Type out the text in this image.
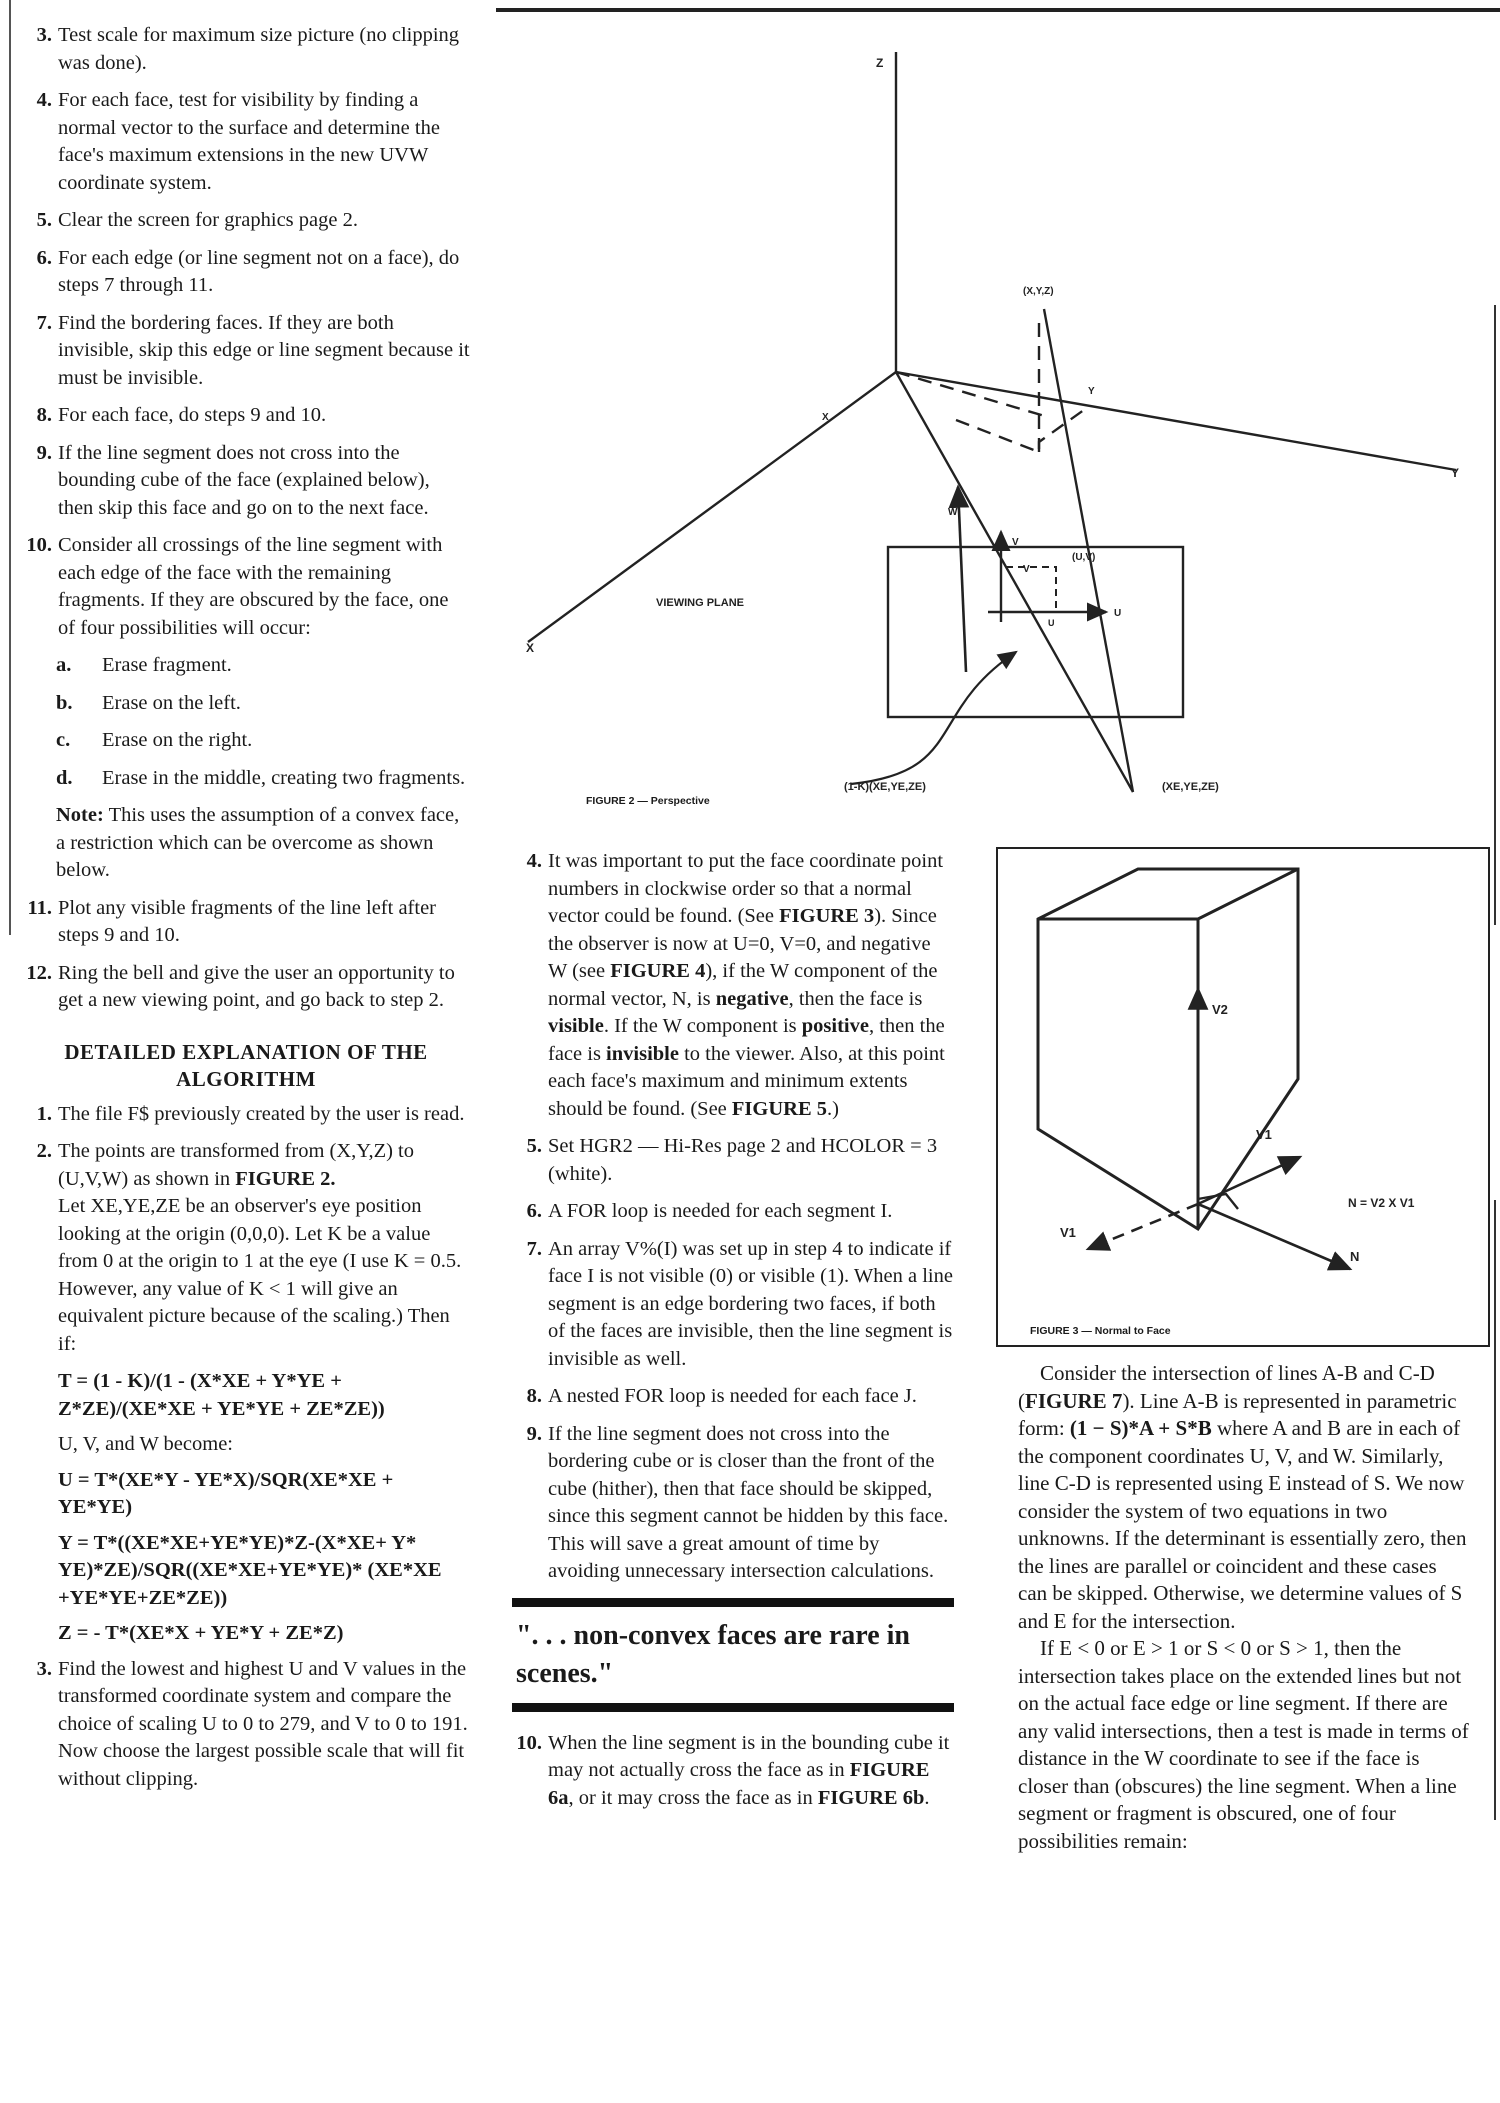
3. Test scale for maximum size picture (no clipping was done).
4. For each face, test for visibility by finding a normal vector to the surface and determine the face's maximum extensions in the new UVW coordinate system.
5. Clear the screen for graphics page 2.
6. For each edge (or line segment not on a face), do steps 7 through 11.
7. Find the bordering faces. If they are both invisible, skip this edge or line segment because it must be invisible.
8. For each face, do steps 9 and 10.
9. If the line segment does not cross into the bounding cube of the face (explained below), then skip this face and go on to the next face.
10. Consider all crossings of the line segment with each edge of the face with the remaining fragments. If they are obscured by the face, one of four possibilities will occur:
a. Erase fragment.
b. Erase on the left.
c. Erase on the right.
d. Erase in the middle, creating two fragments.

Note: This uses the assumption of a convex face, a restriction which can be overcome as shown below.

11. Plot any visible fragments of the line left after steps 9 and 10.
12. Ring the bell and give the user an opportunity to get a new viewing point, and go back to step 2.
DETAILED EXPLANATION OF THE ALGORITHM
1. The file F$ previously created by the user is read.
2. The points are transformed from (X,Y,Z) to (U,V,W) as shown in FIGURE 2.
Let XE,YE,ZE be an observer's eye position looking at the origin (0,0,0). Let K be a value from 0 at the origin to 1 at the eye (I use K = 0.5. However, any value of K < 1 will give an equivalent picture because of the scaling.) Then if:

T = (1 - K)/(1 - (X*XE + Y*YE + Z*ZE)/(XE*XE + YE*YE + ZE*ZE))

U, V, and W become:

U = T*(XE*Y - YE*X)/SQR(XE*XE + YE*YE)

Y = T*((XE*XE+YE*YE)*Z-(X*XE+ Y* YE)*ZE)/SQR((XE*XE+YE*YE)* (XE*XE +YE*YE+ZE*ZE))

Z = - T*(XE*X + YE*Y + ZE*Z)

3. Find the lowest and highest U and V values in the transformed coordinate system and compare the choice of scaling U to 0 to 279, and V to 0 to 191. Now choose the largest possible scale that will fit without clipping.
Z
Y
X
X
Y
(X,Y,Z)
W
V
V
(U,V)
U
U
VIEWING PLANE
(1-K)(XE,YE,ZE)	(XE,YE,ZE)
FIGURE 2 — Perspective
4. It was important to put the face coordinate point numbers in clockwise order so that a normal vector could be found. (See FIGURE 3). Since the observer is now at U=0, V=0, and negative W (see FIGURE 4), if the W component of the normal vector, N, is negative, then the face is visible. If the W component is positive, then the face is invisible to the viewer. Also, at this point each face's maximum and minimum extents should be found. (See FIGURE 5.)
5. Set HGR2 — Hi-Res page 2 and HCOLOR = 3 (white).
6. A FOR loop is needed for each segment I.
7. An array V%(I) was set up in step 4 to indicate if face I is not visible (0) or visible (1). When a line segment is an edge bordering two faces, if both of the faces are invisible, then the line segment is invisible as well.
8. A nested FOR loop is needed for each face J.
9. If the line segment does not cross into the bordering cube or is closer than the front of the cube (hither), then that face should be skipped, since this segment cannot be hidden by this face. This will save a great amount of time by avoiding unnecessary intersection calculations.
". . . non-convex faces are rare in scenes."
10. When the line segment is in the bounding cube it may not actually cross the face as in FIGURE 6a, or it may cross the face as in FIGURE 6b.
V2
V1
V1
N
N = V2 X V1
FIGURE 3 — Normal to Face

Consider the intersection of lines A-B and C-D (FIGURE 7). Line A-B is represented in parametric form: (1 − S)*A + S*B where A and B are in each of the component coordinates U, V, and W. Similarly, line C-D is represented using E instead of S. We now consider the system of two equations in two unknowns. If the determinant is essentially zero, then the lines are parallel or coincident and these cases can be skipped. Otherwise, we determine values of S and E for the intersection.

If E < 0 or E > 1 or S < 0 or S > 1, then the intersection takes place on the extended lines but not on the actual face edge or line segment. If there are any valid intersections, then a test is made in terms of distance in the W coordinate to see if the face is closer than (obscures) the line segment. When a line segment or fragment is obscured, one of four possibilities remain:
